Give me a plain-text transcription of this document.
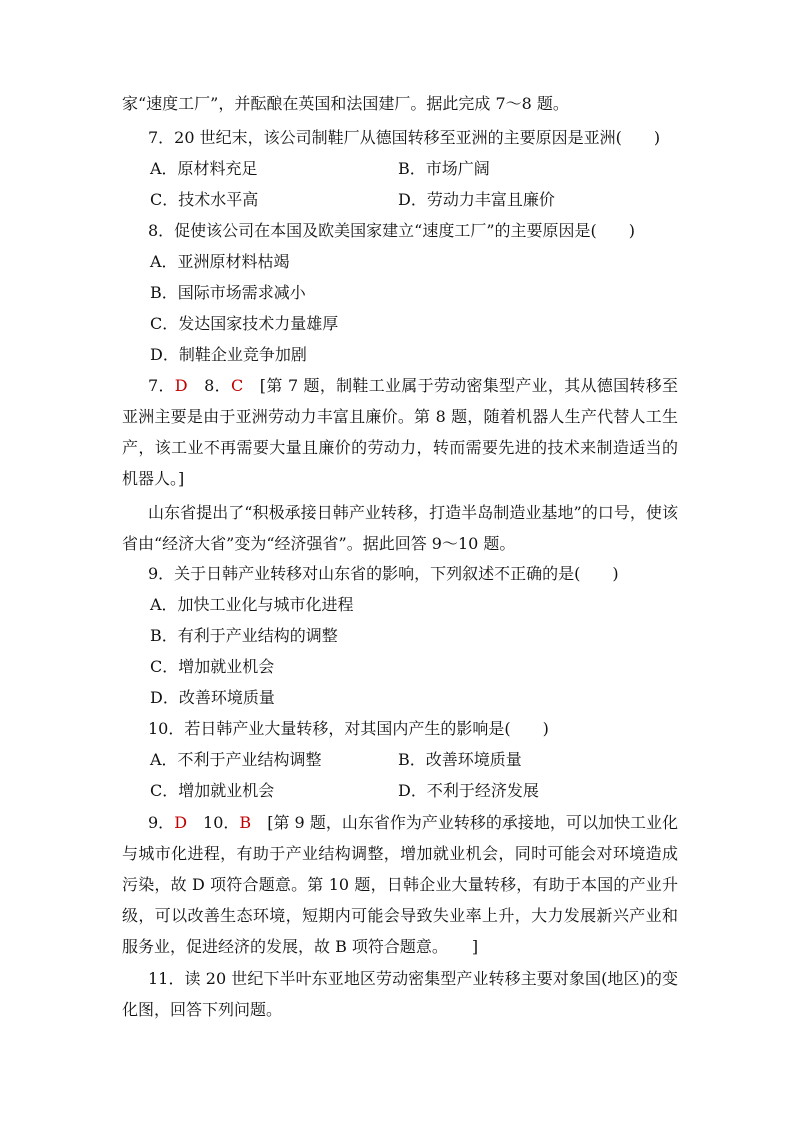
家“速度工厂”，并酝酿在英国和法国建厂。据此完成 7～8 题。
7．20 世纪末，该公司制鞋厂从德国转移至亚洲的主要原因是亚洲(　　)
A．原材料充足	B．市场广阔
C．技术水平高	D．劳动力丰富且廉价
8．促使该公司在本国及欧美国家建立“速度工厂”的主要原因是(　　)
A．亚洲原材料枯竭
B．国际市场需求减小
C．发达国家技术力量雄厚
D．制鞋企业竞争加剧
7．D　8．C　[第 7 题，制鞋工业属于劳动密集型产业，其从德国转移至亚洲主要是由于亚洲劳动力丰富且廉价。第 8 题，随着机器人生产代替人工生产，该工业不再需要大量且廉价的劳动力，转而需要先进的技术来制造适当的机器人。]
山东省提出了“积极承接日韩产业转移，打造半岛制造业基地”的口号，使该省由“经济大省”变为“经济强省”。据此回答 9～10 题。
9．关于日韩产业转移对山东省的影响，下列叙述不正确的是(　　)
A．加快工业化与城市化进程
B．有利于产业结构的调整
C．增加就业机会
D．改善环境质量
10．若日韩产业大量转移，对其国内产生的影响是(　　)
A．不利于产业结构调整	B．改善环境质量
C．增加就业机会	D．不利于经济发展
9．D　10．B　[第 9 题，山东省作为产业转移的承接地，可以加快工业化与城市化进程，有助于产业结构调整，增加就业机会，同时可能会对环境造成污染，故 D 项符合题意。第 10 题，日韩企业大量转移，有助于本国的产业升级，可以改善生态环境，短期内可能会导致失业率上升，大力发展新兴产业和服务业，促进经济的发展，故 B 项符合题意。　　]
11．读 20 世纪下半叶东亚地区劳动密集型产业转移主要对象国(地区)的变化图，回答下列问题。
